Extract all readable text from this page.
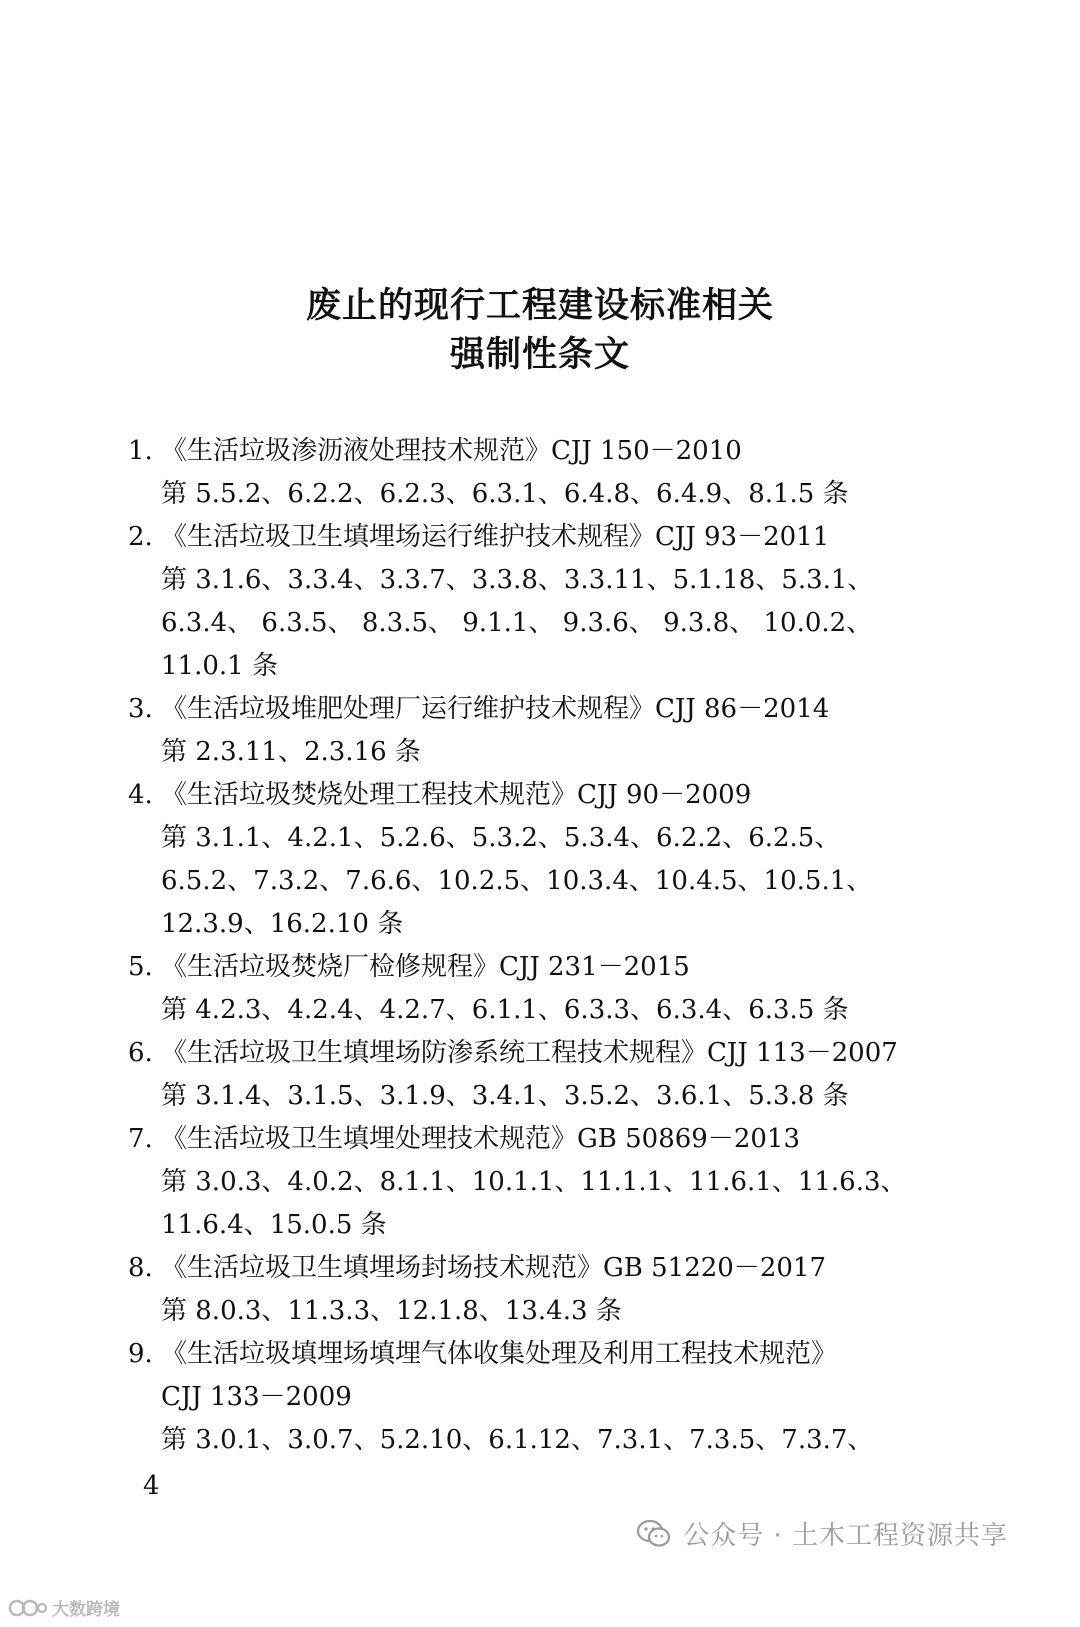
废止的现行工程建设标准相关
强制性条文
1. 《生活垃圾渗沥液处理技术规范》CJJ 150－2010
第 5.5.2、6.2.2、6.2.3、6.3.1、6.4.8、6.4.9、8.1.5 条
2. 《生活垃圾卫生填埋场运行维护技术规程》CJJ 93－2011
第 3.1.6、3.3.4、3.3.7、3.3.8、3.3.11、5.1.18、5.3.1、
6.3.4、 6.3.5、 8.3.5、 9.1.1、 9.3.6、 9.3.8、 10.0.2、
11.0.1 条
3. 《生活垃圾堆肥处理厂运行维护技术规程》CJJ 86－2014
第 2.3.11、2.3.16 条
4. 《生活垃圾焚烧处理工程技术规范》CJJ 90－2009
第 3.1.1、4.2.1、5.2.6、5.3.2、5.3.4、6.2.2、6.2.5、
6.5.2、7.3.2、7.6.6、10.2.5、10.3.4、10.4.5、10.5.1、
12.3.9、16.2.10 条
5. 《生活垃圾焚烧厂检修规程》CJJ 231－2015
第 4.2.3、4.2.4、4.2.7、6.1.1、6.3.3、6.3.4、6.3.5 条
6. 《生活垃圾卫生填埋场防渗系统工程技术规程》CJJ 113－2007
第 3.1.4、3.1.5、3.1.9、3.4.1、3.5.2、3.6.1、5.3.8 条
7. 《生活垃圾卫生填埋处理技术规范》GB 50869－2013
第 3.0.3、4.0.2、8.1.1、10.1.1、11.1.1、11.6.1、11.6.3、
11.6.4、15.0.5 条
8. 《生活垃圾卫生填埋场封场技术规范》GB 51220－2017
第 8.0.3、11.3.3、12.1.8、13.4.3 条
9. 《生活垃圾填埋场填埋气体收集处理及利用工程技术规范》
CJJ 133－2009
第 3.0.1、3.0.7、5.2.10、6.1.12、7.3.1、7.3.5、7.3.7、
4
公众号 · 土木工程资源共享
大数跨境
